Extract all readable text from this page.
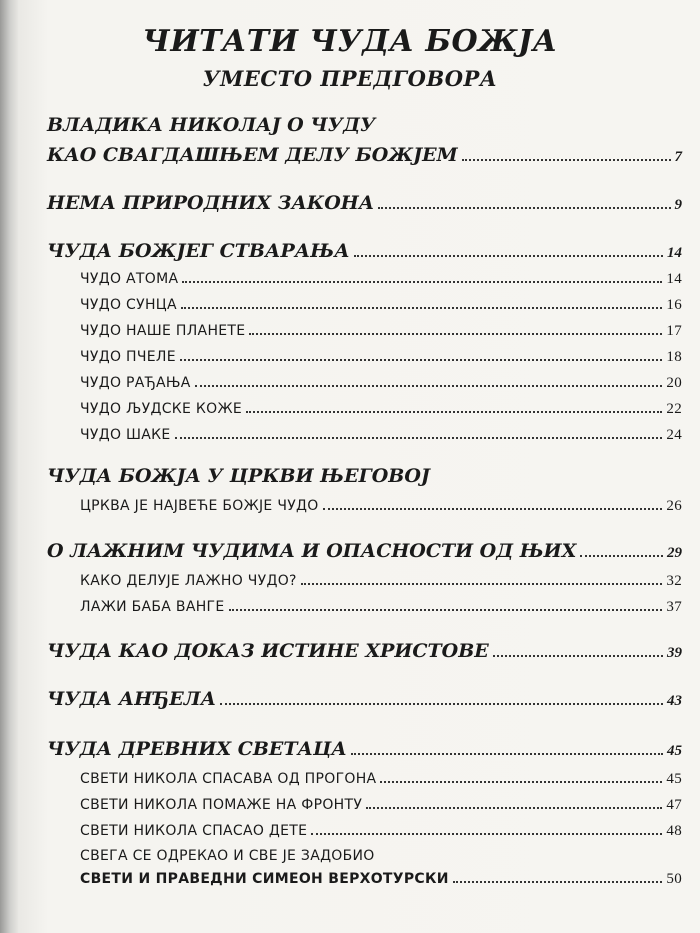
ЧИТАТИ ЧУДА БОЖЈА
УМЕСТО ПРЕДГОВОРА
ВЛАДИКА НИКОЛАЈ О ЧУДУ
КАО СВАГДАШЊЕМ ДЕЛУ БОЖЈЕМ	7
НЕМА ПРИРОДНИХ ЗАКОНА	9
ЧУДА БОЖЈЕГ СТВАРАЊА	14
ЧУДО АТОМА	14
ЧУДО СУНЦА	16
ЧУДО НАШЕ ПЛАНЕТЕ	17
ЧУДО ПЧЕЛЕ	18
ЧУДО РАЂАЊА	20
ЧУДО ЉУДСКЕ КОЖЕ	22
ЧУДО ШАКЕ	24
ЧУДА БОЖЈА У ЦРКВИ ЊЕГОВОЈ
ЦРКВА ЈЕ НАЈВЕЋЕ БОЖЈЕ ЧУДО	26
О ЛАЖНИМ ЧУДИМА И ОПАСНОСТИ ОД ЊИХ	29
КАКО ДЕЛУЈЕ ЛАЖНО ЧУДО?	32
ЛАЖИ БАБА ВАНГЕ	37
ЧУДА КАО ДОКАЗ ИСТИНЕ ХРИСТОВЕ	39
ЧУДА АНЂЕЛА	43
ЧУДА ДРЕВНИХ СВЕТАЦА	45
СВЕТИ НИКОЛА СПАСАВА ОД ПРОГОНА	45
СВЕТИ НИКОЛА ПОМАЖЕ НА ФРОНТУ	47
СВЕТИ НИКОЛА СПАСАО ДЕТЕ	48
СВЕГА СЕ ОДРЕКАО И СВЕ ЈЕ ЗАДОБИО
СВЕТИ И ПРАВЕДНИ СИМЕОН ВЕРХОТУРСКИ	50
